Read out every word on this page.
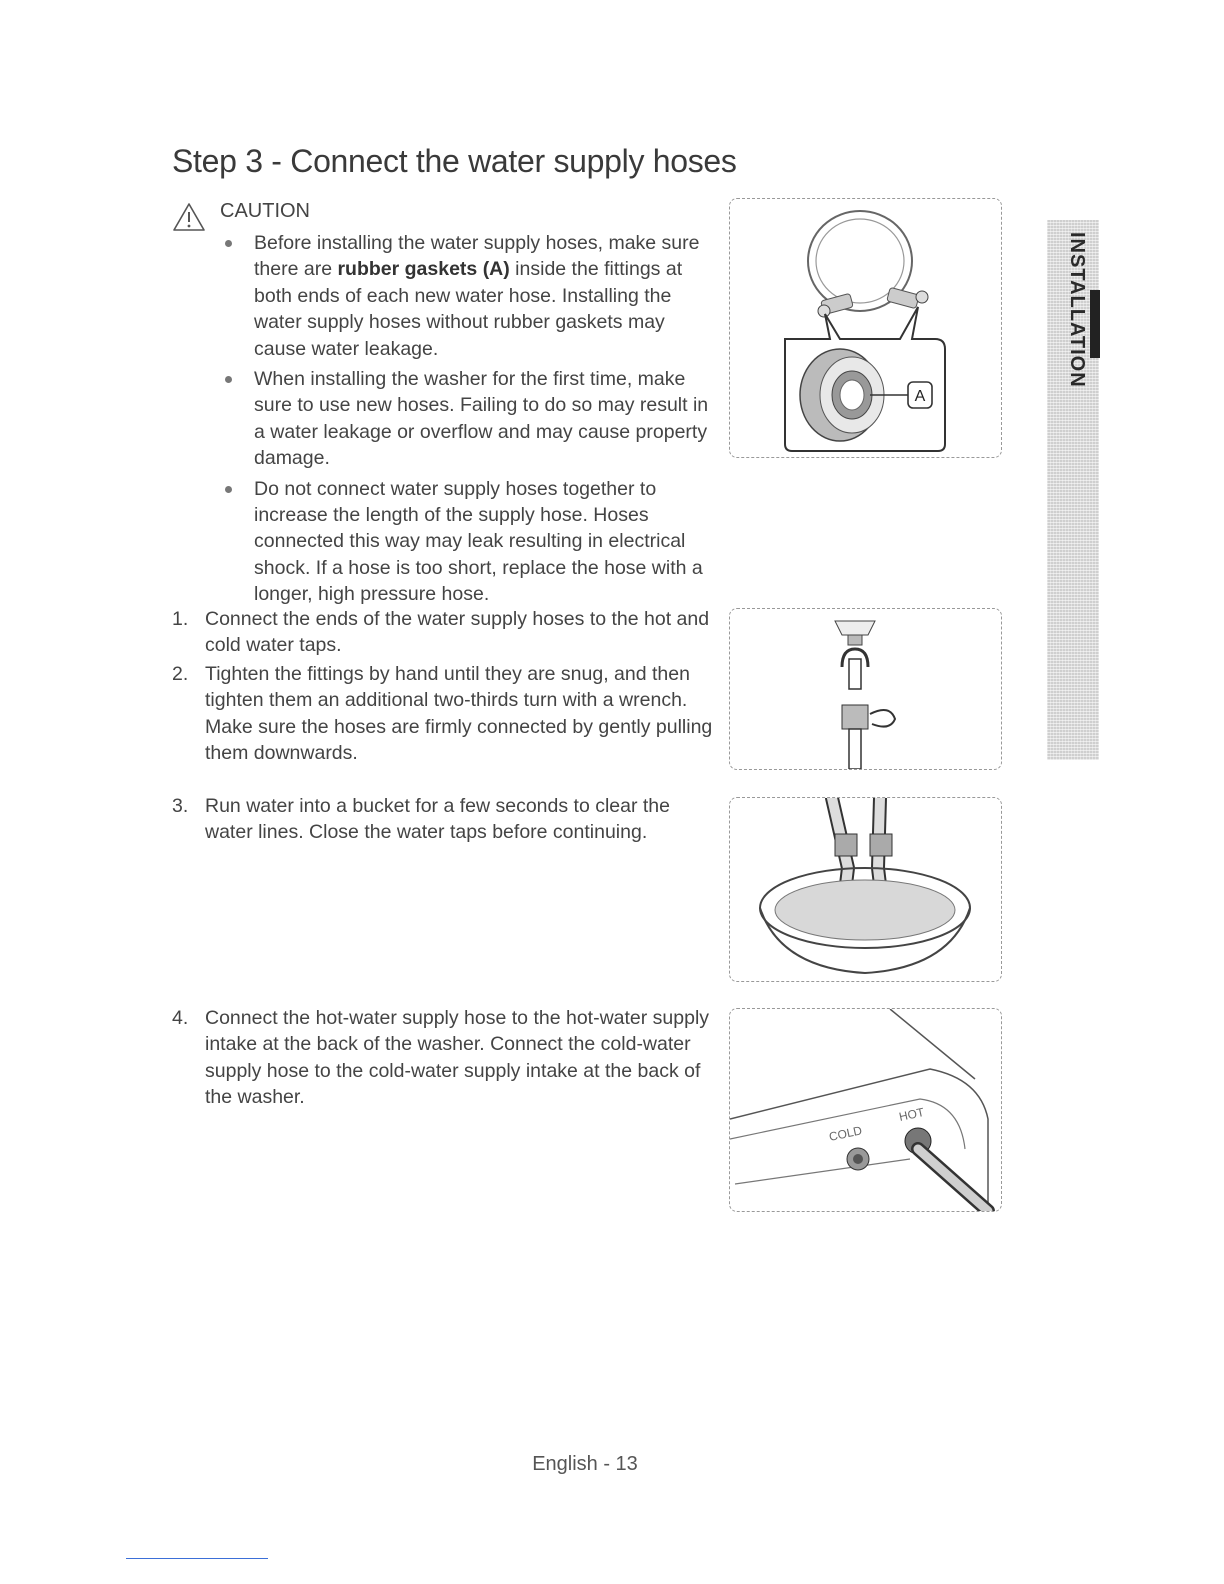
Step 3 - Connect the water supply hoses
CAUTION
Before installing the water supply hoses, make sure there are rubber gaskets (A) inside the fittings at both ends of each new water hose. Installing the water supply hoses without rubber gaskets may cause water leakage.
When installing the washer for the first time, make sure to use new hoses. Failing to do so may result in a water leakage or overflow and may cause property damage.
Do not connect water supply hoses together to increase the length of the supply hose. Hoses connected this way may leak resulting in electrical shock. If a hose is too short, replace the hose with a longer, high pressure hose.
1. Connect the ends of the water supply hoses to the hot and cold water taps.
2. Tighten the fittings by hand until they are snug, and then tighten them an additional two-thirds turn with a wrench. Make sure the hoses are firmly connected by gently pulling them downwards.
3. Run water into a bucket for a few seconds to clear the water lines. Close the water taps before continuing.
4. Connect the hot-water supply hose to the hot-water supply intake at the back of the washer. Connect the cold-water supply hose to the cold-water supply intake at the back of the washer.
A
COLD
HOT
INSTALLATION
English - 13
